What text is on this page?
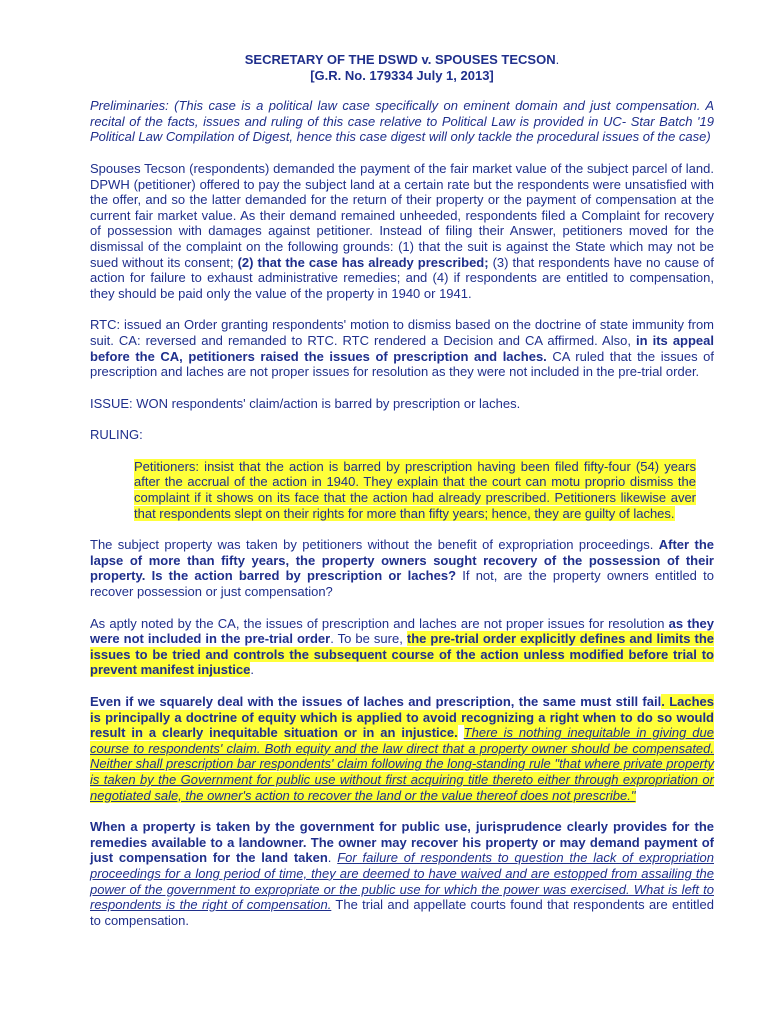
SECRETARY OF THE DSWD v. SPOUSES TECSON.

[G.R. No. 179334 July 1, 2013]

Preliminaries: (This case is a political law case specifically on eminent domain and just compensation. A recital of the facts, issues and ruling of this case relative to Political Law is provided in UC- Star Batch '19 Political Law Compilation of Digest, hence this case digest will only tackle the procedural issues of the case)

Spouses Tecson (respondents) demanded the payment of the fair market value of the subject parcel of land. DPWH (petitioner) offered to pay the subject land at a certain rate but the respondents were unsatisfied with the offer, and so the latter demanded for the return of their property or the payment of compensation at the current fair market value. As their demand remained unheeded, respondents filed a Complaint for recovery of possession with damages against petitioner. Instead of filing their Answer, petitioners moved for the dismissal of the complaint on the following grounds: (1) that the suit is against the State which may not be sued without its consent; (2) that the case has already prescribed; (3) that respondents have no cause of action for failure to exhaust administrative remedies; and (4) if respondents are entitled to compensation, they should be paid only the value of the property in 1940 or 1941.

RTC: issued an Order granting respondents' motion to dismiss based on the doctrine of state immunity from suit. CA: reversed and remanded to RTC. RTC rendered a Decision and CA affirmed. Also, in its appeal before the CA, petitioners raised the issues of prescription and laches. CA ruled that the issues of prescription and laches are not proper issues for resolution as they were not included in the pre-trial order.

ISSUE: WON respondents' claim/action is barred by prescription or laches.

RULING:

Petitioners: insist that the action is barred by prescription having been filed fifty-four (54) years after the accrual of the action in 1940. They explain that the court can motu proprio dismiss the complaint if it shows on its face that the action had already prescribed. Petitioners likewise aver that respondents slept on their rights for more than fifty years; hence, they are guilty of laches.

The subject property was taken by petitioners without the benefit of expropriation proceedings. After the lapse of more than fifty years, the property owners sought recovery of the possession of their property. Is the action barred by prescription or laches? If not, are the property owners entitled to recover possession or just compensation?

As aptly noted by the CA, the issues of prescription and laches are not proper issues for resolution as they were not included in the pre-trial order. To be sure, the pre-trial order explicitly defines and limits the issues to be tried and controls the subsequent course of the action unless modified before trial to prevent manifest injustice.

Even if we squarely deal with the issues of laches and prescription, the same must still fail. Laches is principally a doctrine of equity which is applied to avoid recognizing a right when to do so would result in a clearly inequitable situation or in an injustice. There is nothing inequitable in giving due course to respondents' claim. Both equity and the law direct that a property owner should be compensated. Neither shall prescription bar respondents' claim following the long-standing rule "that where private property is taken by the Government for public use without first acquiring title thereto either through expropriation or negotiated sale, the owner's action to recover the land or the value thereof does not prescribe."

When a property is taken by the government for public use, jurisprudence clearly provides for the remedies available to a landowner. The owner may recover his property or may demand payment of just compensation for the land taken. For failure of respondents to question the lack of expropriation proceedings for a long period of time, they are deemed to have waived and are estopped from assailing the power of the government to expropriate or the public use for which the power was exercised. What is left to respondents is the right of compensation. The trial and appellate courts found that respondents are entitled to compensation.
